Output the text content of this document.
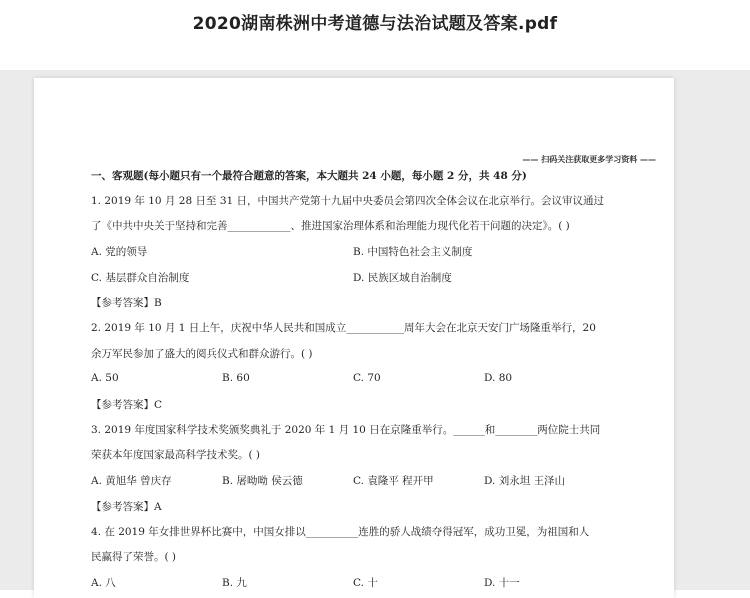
2020湖南株洲中考道德与法治试题及答案.pdf
—— 扫码关注获取更多学习资料 ——
一、客观题(每小题只有一个最符合题意的答案，本大题共 24 小题，每小题 2 分，共 48 分)
1. 2019 年 10 月 28 日至 31 日，中国共产党第十九届中央委员会第四次全体会议在北京举行。会议审议通过
了《中共中央关于坚持和完善____________、推进国家治理体系和治理能力现代化若干问题的决定》。( )
A. 党的领导	B. 中国特色社会主义制度
C. 基层群众自治制度	D. 民族区域自治制度
【参考答案】B
2. 2019 年 10 月 1 日上午，庆祝中华人民共和国成立___________周年大会在北京天安门广场隆重举行，20
余万军民参加了盛大的阅兵仪式和群众游行。( )
A. 50	B. 60	C. 70	D. 80
【参考答案】C
3. 2019 年度国家科学技术奖颁奖典礼于 2020 年 1 月 10 日在京隆重举行。______和________两位院士共同
荣获本年度国家最高科学技术奖。( )
A. 黄旭华 曾庆存	B. 屠呦呦 侯云德	C. 袁隆平 程开甲	D. 刘永坦 王泽山
【参考答案】A
4. 在 2019 年女排世界杯比赛中，中国女排以__________连胜的骄人战绩夺得冠军，成功卫冕，为祖国和人
民赢得了荣誉。( )
A. 八	B. 九	C. 十	D. 十一
